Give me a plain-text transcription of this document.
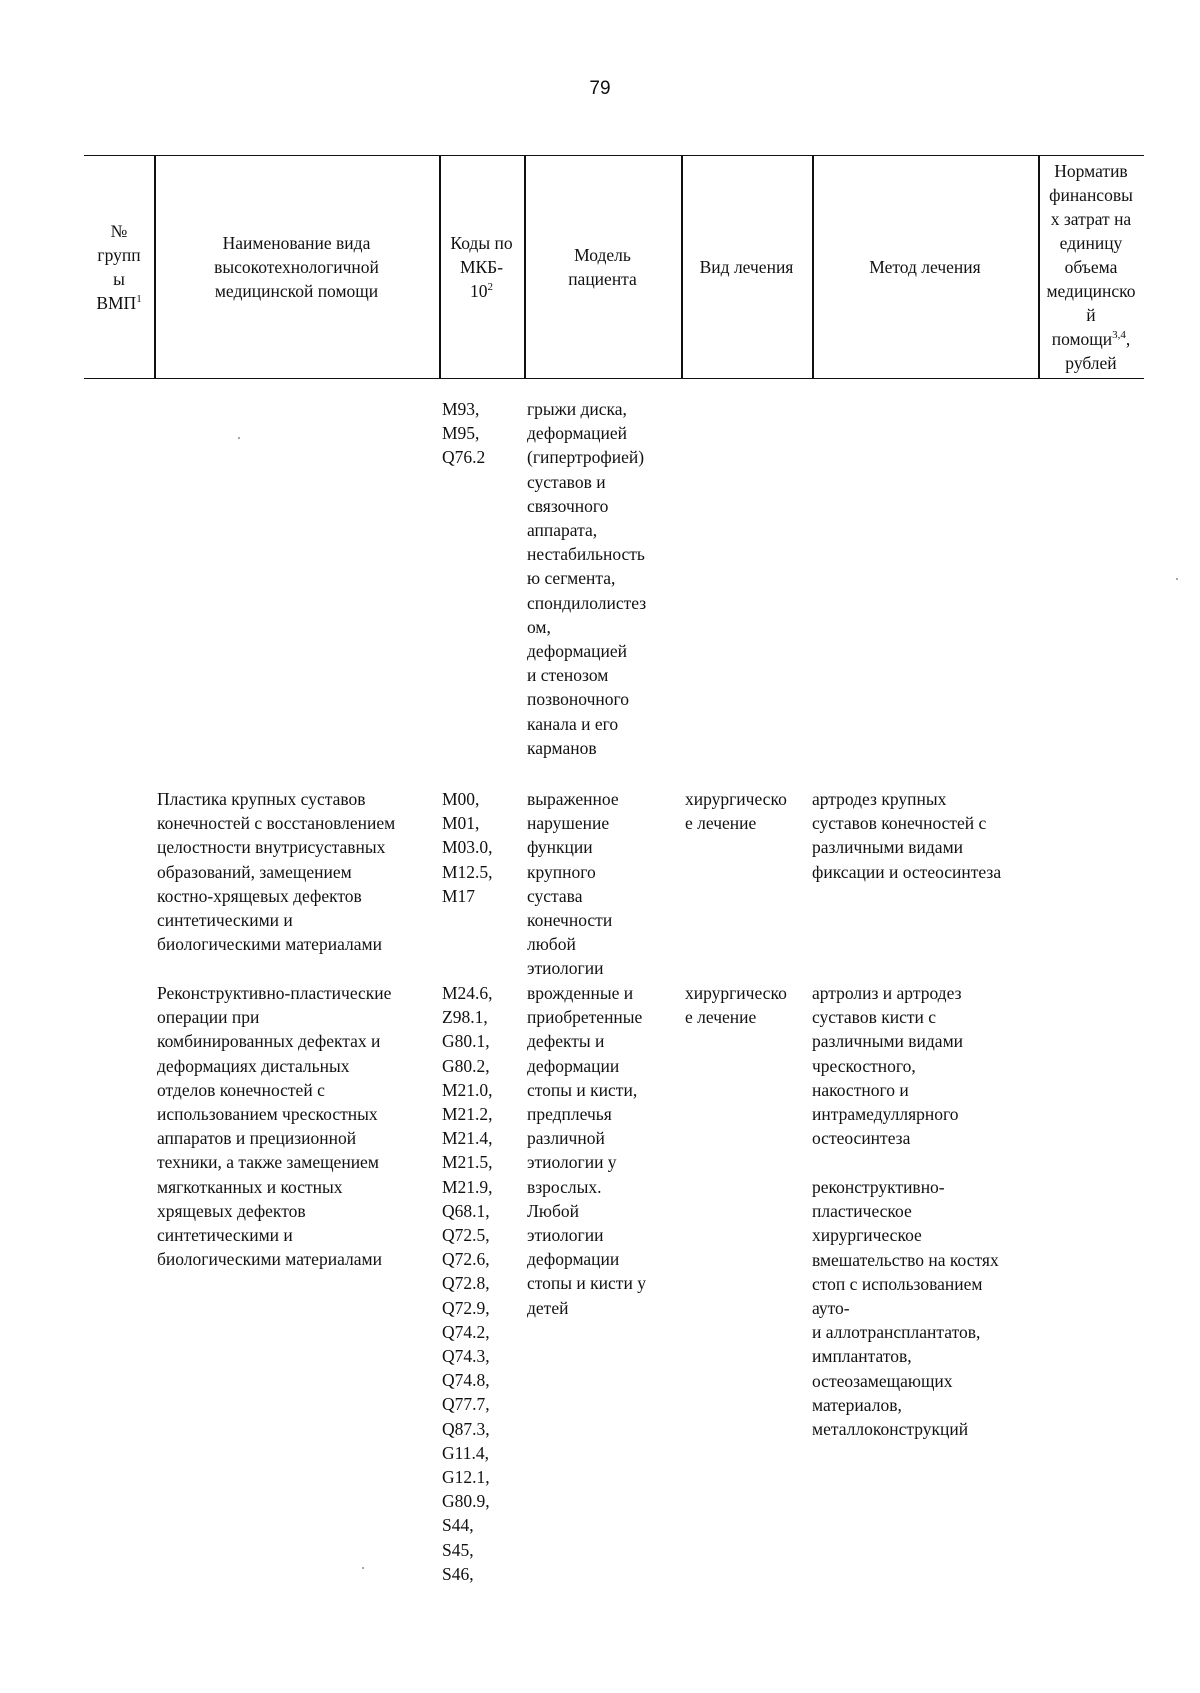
79
№
групп
ы
ВМП$^1$
Наименование вида
высокотехнологичной
медицинской помощи
Коды по
МКБ-
$10^2$
Модель
пациента
Вид лечения	Метод лечения
Норматив
финансовы
х затрат на
единицу
объема
медицинско
й
помощи$^{3,4}$,
рублей
M93,
M95,
Q76.2
грыжи диска,
деформацией
(гипертрофией)
суставов и
связочного
аппарата,
нестабильность
ю сегмента,
спондилолистез
ом,
деформацией
и стенозом
позвоночного
канала и его
карманов
Пластика крупных суставов
конечностей с восстановлением
целостности внутрисуставных
образований, замещением
костно-хрящевых дефектов
синтетическими и
биологическими материалами
M00,
M01,
M03.0,
M12.5,
M17
выраженное
нарушение
функции
крупного
сустава
конечности
любой
этиологии
хирургическо
е лечение
артродез крупных
суставов конечностей с
различными видами
фиксации и остеосинтеза
Реконструктивно-пластические
операции при
комбинированных дефектах и
деформациях дистальных
отделов конечностей с
использованием чрескостных
аппаратов и прецизионной
техники, а также замещением
мягкотканных и костных
хрящевых дефектов
синтетическими и
биологическими материалами
M24.6,
Z98.1,
G80.1,
G80.2,
M21.0,
M21.2,
M21.4,
M21.5,
M21.9,
Q68.1,
Q72.5,
Q72.6,
Q72.8,
Q72.9,
Q74.2,
Q74.3,
Q74.8,
Q77.7,
Q87.3,
G11.4,
G12.1,
G80.9,
S44,
S45,
S46,
врожденные и
приобретенные
дефекты и
деформации
стопы и кисти,
предплечья
различной
этиологии у
взрослых.
Любой
этиологии
деформации
стопы и кисти у
детей
хирургическо
е лечение
артролиз и артродез
суставов кисти с
различными видами
чрескостного,
накостного и
интрамедуллярного
остеосинтеза
реконструктивно-
пластическое
хирургическое
вмешательство на костях
стоп с использованием
ауто-
и аллотрансплантатов,
имплантатов,
остеозамещающих
материалов,
металлоконструкций
